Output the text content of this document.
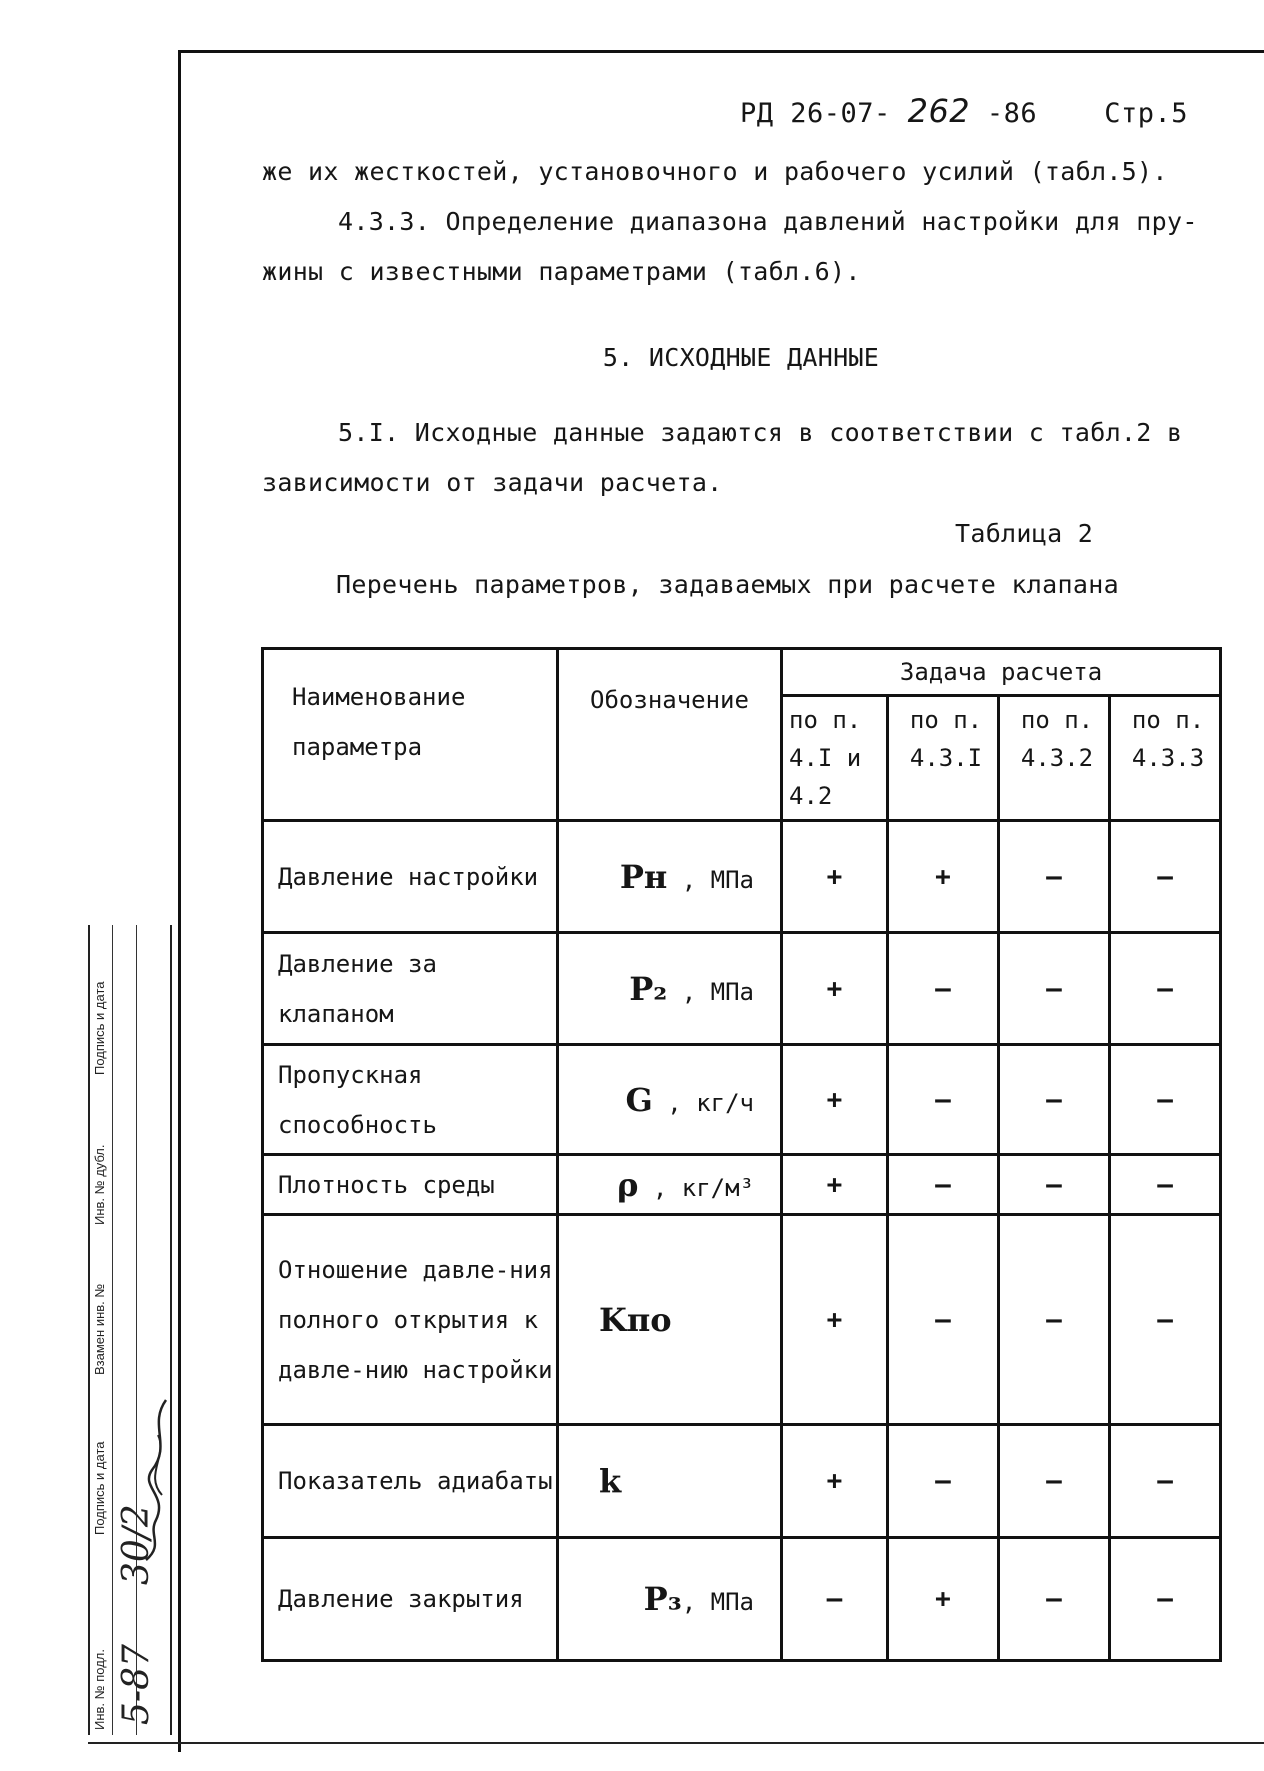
РД 26-07- 262 -86 Стр.5
же их жесткостей, установочного и рабочего усилий (табл.5).
4.3.3. Определение диапазона давлений настройки для пру-
жины с известными параметрами (табл.6).
5. ИСХОДНЫЕ ДАННЫЕ
5.I. Исходные данные задаются в соответствии с табл.2 в
зависимости от задачи расчета.
Таблица 2
Перечень параметров, задаваемых при расчете клапана
Наименование параметра	Обозначение	Задача расчета			
		по п. 4.I и 4.2	по п. 4.3.I	по п. 4.3.2	по п. 4.3.3
Давление настройки	Pн , МПа	+	+	–	–
Давление за клапаном	P₂ , МПа	+	–	–	–
Пропускная способность	G , кг/ч	+	–	–	–
Плотность среды	ρ , кг/м³	+	–	–	–
Отношение давле-ния полного открытия к давле-нию настройки	Kпо	+	–	–	–
Показатель адиабаты	k	+	–	–	–
Давление закрытия	P₃, МПа	–	+	–	–
Инв. № подл.
Подпись и дата
Взамен инв. №
Инв. № дубл.
Подпись и дата
5-87
30/2
